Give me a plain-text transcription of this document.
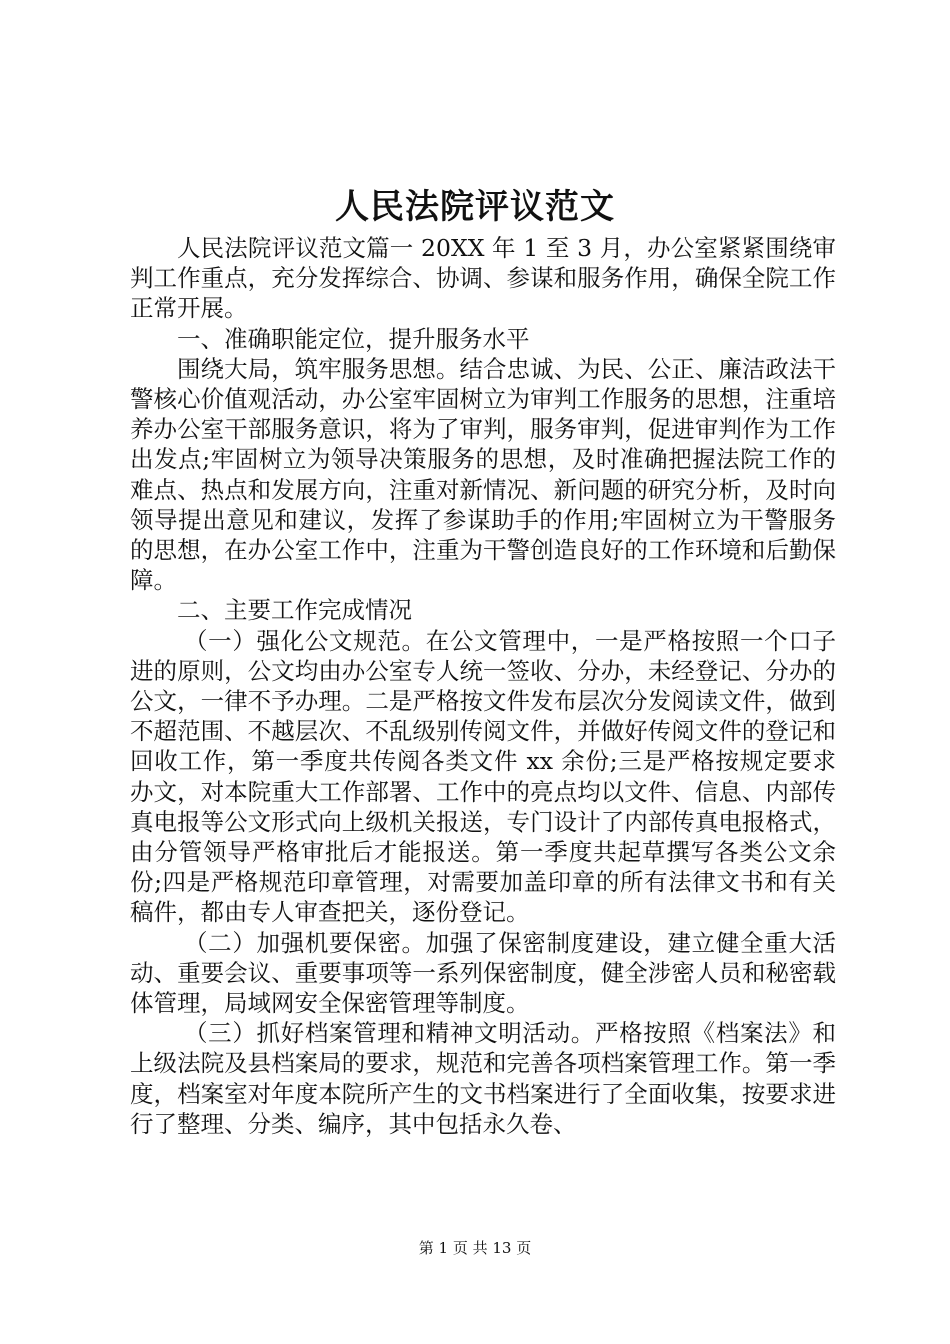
人民法院评议范文

人民法院评议范文篇一 20XX 年 1 至 3 月，办公室紧紧围绕审判工作重点，充分发挥综合、协调、参谋和服务作用，确保全院工作正常开展。

一、准确职能定位，提升服务水平

围绕大局，筑牢服务思想。结合忠诚、为民、公正、廉洁政法干警核心价值观活动，办公室牢固树立为审判工作服务的思想，注重培养办公室干部服务意识，将为了审判，服务审判，促进审判作为工作出发点;牢固树立为领导决策服务的思想，及时准确把握法院工作的难点、热点和发展方向，注重对新情况、新问题的研究分析，及时向领导提出意见和建议，发挥了参谋助手的作用;牢固树立为干警服务的思想，在办公室工作中，注重为干警创造良好的工作环境和后勤保障。

二、主要工作完成情况

（一）强化公文规范。在公文管理中，一是严格按照一个口子进的原则，公文均由办公室专人统一签收、分办，未经登记、分办的公文，一律不予办理。二是严格按文件发布层次分发阅读文件，做到不超范围、不越层次、不乱级别传阅文件，并做好传阅文件的登记和回收工作，第一季度共传阅各类文件 xx 余份;三是严格按规定要求办文，对本院重大工作部署、工作中的亮点均以文件、信息、内部传真电报等公文形式向上级机关报送，专门设计了内部传真电报格式，由分管领导严格审批后才能报送。第一季度共起草撰写各类公文余份;四是严格规范印章管理，对需要加盖印章的所有法律文书和有关稿件，都由专人审查把关，逐份登记。

（二）加强机要保密。加强了保密制度建设，建立健全重大活动、重要会议、重要事项等一系列保密制度，健全涉密人员和秘密载体管理，局域网安全保密管理等制度。

（三）抓好档案管理和精神文明活动。严格按照《档案法》和上级法院及县档案局的要求，规范和完善各项档案管理工作。第一季度，档案室对年度本院所产生的文书档案进行了全面收集，按要求进行了整理、分类、编序，其中包括永久卷、

第 1 页 共 13 页
